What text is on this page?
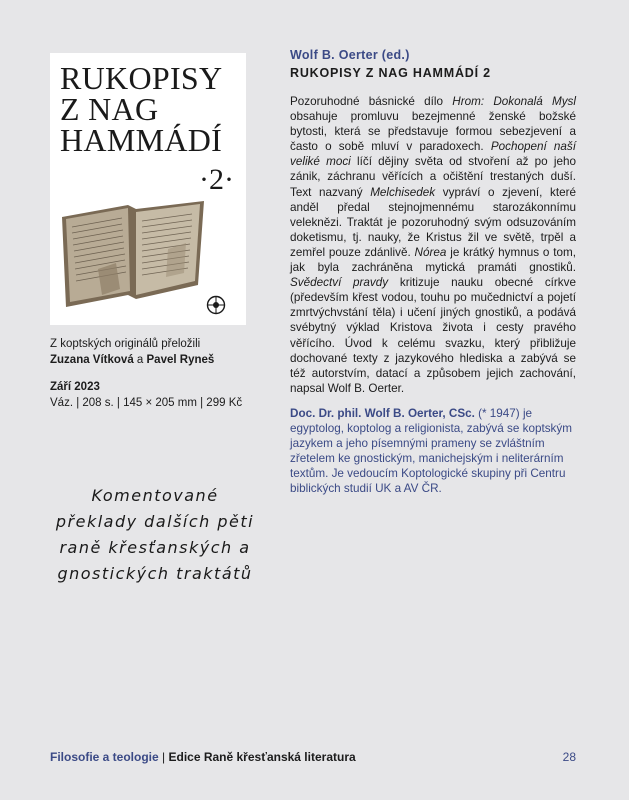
RUKOPISY
Z NAG
HAMMÁDÍ
·2·
Z koptských originálů přeložili
Zuzana Vítková a Pavel Ryneš
Září 2023
Váz. | 208 s. | 145 × 205 mm | 299 Kč
Komentované překlady dalších pěti raně křesťanských a gnostických traktátů
Wolf B. Oerter (ed.)
RUKOPISY Z NAG HAMMÁDÍ 2
Pozoruhodné básnické dílo Hrom: Dokonalá Mysl obsahuje promluvu bezejmenné ženské božské bytosti, která se představuje formou sebezjevení a často o sobě mluví v paradoxech. Pochopení naší veliké moci líčí dějiny světa od stvoření až po jeho zánik, záchranu věřících a očištění trestaných duší. Text nazvaný Melchisedek vypráví o zjevení, které anděl předal stejnojmennému starozákonnímu veleknězi. Traktát je pozoruhodný svým odsuzováním doketismu, tj. nauky, že Kristus žil ve světě, trpěl a zemřel pouze zdánlivě. Nórea je krátký hymnus o tom, jak byla zachráněna mytická pramáti gnostiků. Svědectví pravdy kritizuje nauku obecné církve (především křest vodou, touhu po mučednictví a pojetí zmrtvýchvstání těla) i učení jiných gnostiků, a podává svébytný výklad Kristova života i cesty pravého věřícího. Úvod k celému svazku, který přibližuje dochované texty z jazykového hlediska a zabývá se též autorstvím, datací a způsobem jejich zachování, napsal Wolf B. Oerter.
Doc. Dr. phil. Wolf B. Oerter, CSc. (* 1947) je egyptolog, koptolog a religionista, zabývá se koptským jazykem a jeho písemnými prameny se zvláštním zřetelem ke gnostickým, manichejským i neliterárním textům. Je vedoucím Koptologické skupiny při Centru biblických studií UK a AV ČR.
Filosofie a teologie | Edice Raně křesťanská literatura	28
